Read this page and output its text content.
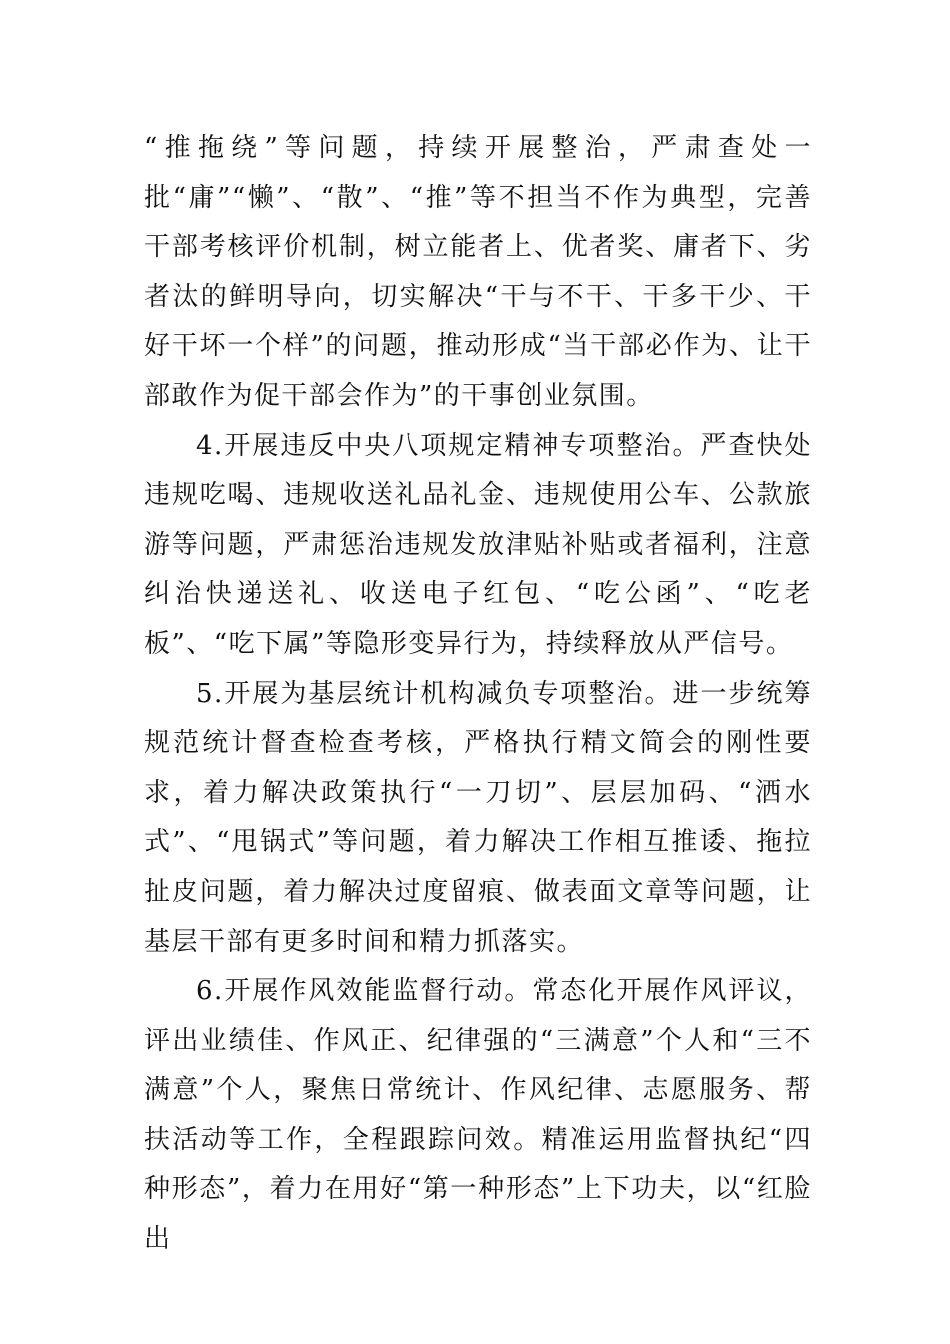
“推拖绕”等问题，持续开展整治，严肃查处一批“庸”“懒”、“散”、“推”等不担当不作为典型，完善干部考核评价机制，树立能者上、优者奖、庸者下、劣者汰的鲜明导向，切实解决“干与不干、干多干少、干好干坏一个样”的问题，推动形成“当干部必作为、让干部敢作为促干部会作为”的干事创业氛围。

4.开展违反中央八项规定精神专项整治。严查快处违规吃喝、违规收送礼品礼金、违规使用公车、公款旅游等问题，严肃惩治违规发放津贴补贴或者福利，注意纠治快递送礼、收送电子红包、“吃公函”、“吃老板”、“吃下属”等隐形变异行为，持续释放从严信号。

5.开展为基层统计机构减负专项整治。进一步统筹规范统计督查检查考核，严格执行精文简会的刚性要求，着力解决政策执行“一刀切”、层层加码、“洒水式”、“甩锅式”等问题，着力解决工作相互推诿、拖拉扯皮问题，着力解决过度留痕、做表面文章等问题，让基层干部有更多时间和精力抓落实。

6.开展作风效能监督行动。常态化开展作风评议，评出业绩佳、作风正、纪律强的“三满意”个人和“三不满意”个人，聚焦日常统计、作风纪律、志愿服务、帮扶活动等工作，全程跟踪问效。精准运用监督执纪“四种形态”，着力在用好“第一种形态”上下功夫，以“红脸出
